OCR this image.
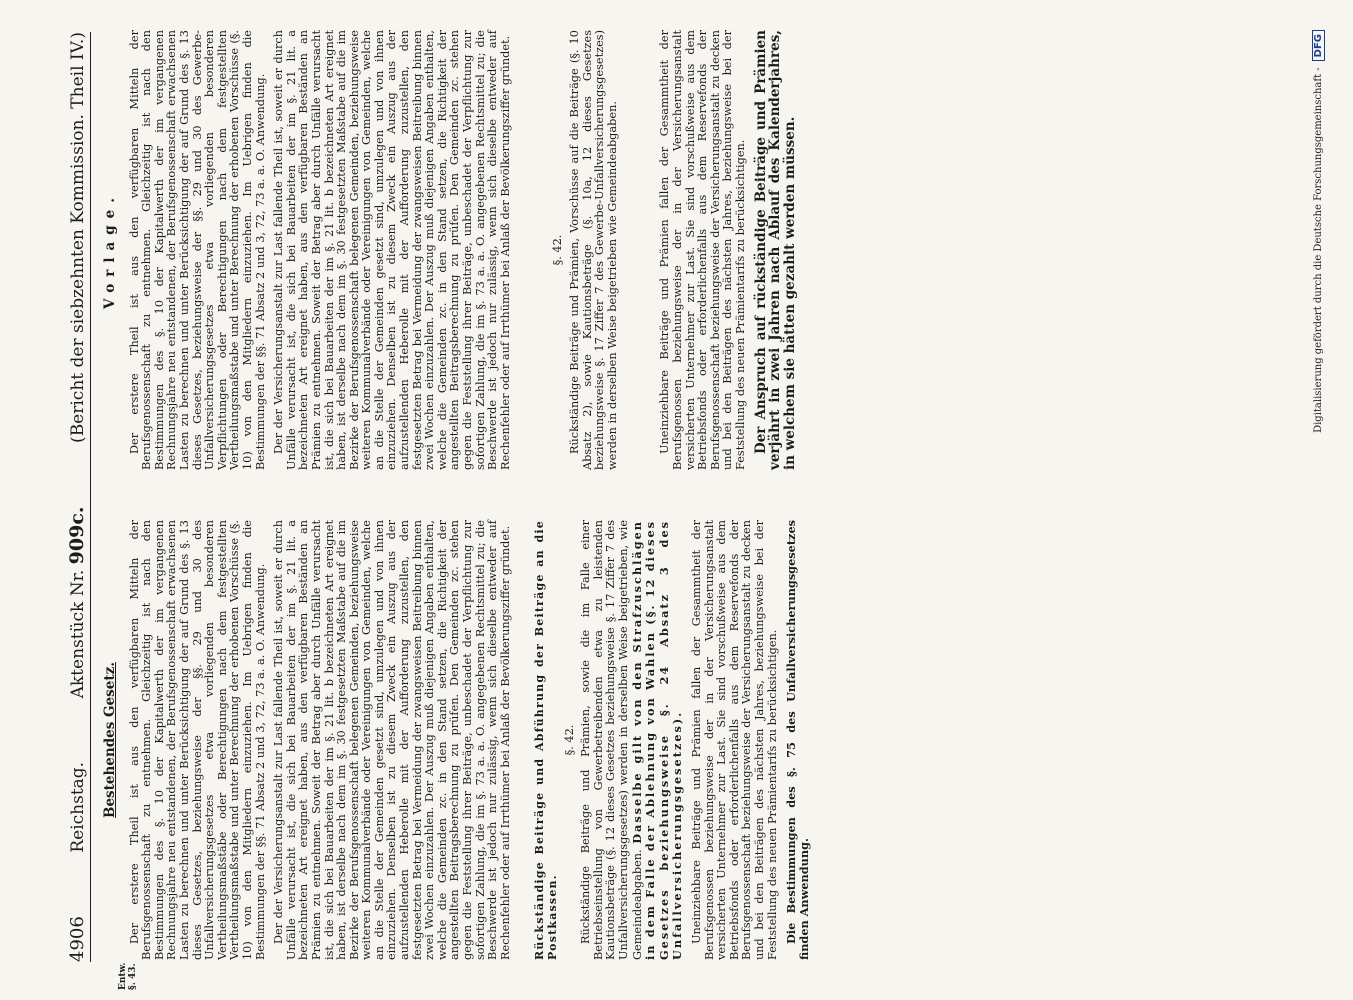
4906
Reichstag.
Aktenstück Nr. 909c.
(Bericht der siebzehnten Kommission. Theil IV.)
Entw. §. 43.
Bestehendes Gesetz. Der erstere Theil ist aus den verfügbaren Mitteln der Berufsgenossenschaft zu entnehmen. Gleichzeitig ist nach den Bestimmungen des §. 10 der Kapitalwerth der im vergangenen Rechnungsjahre neu entstandenen, der Berufsgenossenschaft erwachsenen Lasten zu berechnen und unter Berücksichtigung der auf Grund des §. 13 dieses Gesetzes, beziehungsweise der §§. 29 und 30 des Unfallversicherungsgesetzes etwa vorliegenden besonderen Vertheilungsmaßstäbe oder Berechtigungen nach dem festgestellten Vertheilungsmaßstabe und unter Berechnung der erhobenen Vorschüsse (§. 10) von den Mitgliedern einzuziehen. Im Uebrigen finden die Bestimmungen der §§. 71 Absatz 2 und 3, 72, 73 a. a. O. Anwendung. Der der Versicherungsanstalt zur Last fallende Theil ist, soweit er durch Unfälle verursacht ist, die sich bei Bauarbeiten der im §. 21 lit. a bezeichneten Art ereignet haben, aus den verfügbaren Beständen an Prämien zu entnehmen. Soweit der Betrag aber durch Unfälle verursacht ist, die sich bei Bauarbeiten der im §. 21 lit. b bezeichneten Art ereignet haben, ist derselbe nach dem im §. 30 festgesetzten Maßstabe auf die im Bezirke der Berufsgenossenschaft belegenen Gemeinden, beziehungsweise weiteren Kommunalverbände oder Vereinigungen von Gemeinden, welche an die Stelle der Gemeinden gesetzt sind, umzulegen und von ihnen einzuziehen. Denselben ist zu diesem Zweck ein Auszug aus der aufzustellenden Heberolle mit der Aufforderung zuzustellen, den festgesetzten Betrag bei Vermeidung der zwangsweisen Beitreibung binnen zwei Wochen einzuzahlen. Der Auszug muß diejenigen Angaben enthalten, welche die Gemeinden zc. in den Stand setzen, die Richtigkeit der angestellten Beitragsberechnung zu prüfen. Den Gemeinden zc. stehen gegen die Feststellung ihrer Beiträge, unbeschadet der Verpflichtung zur sofortigen Zahlung, die im §. 73 a. a. O. angegebenen Rechtsmittel zu; die Beschwerde ist jedoch nur zulässig, wenn sich dieselbe entweder auf Rechenfehler oder auf Irrthümer bei Anlaß der Bevölkerungsziffer gründet. Rückständige Beiträge und Abführung der Beiträge an die Postkassen.
§. 42. Rückständige Beiträge und Prämien, sowie die im Falle einer Betriebseinstellung von Gewerbetreibenden etwa zu leistenden Kautionsbeträge (§. 12 dieses Gesetzes beziehungsweise §. 17 Ziffer 7 des Unfallversicherungsgesetzes) werden in derselben Weise beigetrieben, wie Gemeindeabgaben. Dasselbe gilt von den Strafzuschlägen in dem Falle der Ablehnung von Wahlen (§. 12 dieses Gesetzes beziehungsweise §. 24 Absatz 3 des Unfallversicherungsgesetzes). Uneinziehbare Beiträge und Prämien fallen der Gesammtheit der Berufsgenossen beziehungsweise der in der Versicherungsanstalt versicherten Unternehmer zur Last. Sie sind vorschußweise aus dem Betriebsfonds oder erforderlichenfalls aus dem Reservefonds der Berufsgenossenschaft beziehungsweise der Versicherungsanstalt zu decken und bei den Beiträgen des nächsten Jahres, beziehungsweise bei der Feststellung des neuen Prämientarifs zu berücksichtigen. Die Bestimmungen des §. 75 des Unfallversicherungsgesetzes finden Anwendung.

Vorlage. Der erstere Theil ist aus den verfügbaren Mitteln der Berufsgenossenschaft zu entnehmen. Gleichzeitig ist nach den Bestimmungen des §. 10 der Kapitalwerth der im vergangenen Rechnungsjahre neu entstandenen, der Berufsgenossenschaft erwachsenen Lasten zu berechnen und unter Berücksichtigung der auf Grund des §. 13 dieses Gesetzes, beziehungsweise der §§. 29 und 30 des Gewerbe-Unfallversicherungsgesetzes etwa vorliegenden besonderen Verpflichtungen oder Berechtigungen nach dem festgestellten Vertheilungsmaßstabe und unter Berechnung der erhobenen Vorschüsse (§. 10) von den Mitgliedern einzuziehen. Im Uebrigen finden die Bestimmungen der §§. 71 Absatz 2 und 3, 72, 73 a. a. O. Anwendung. Der der Versicherungsanstalt zur Last fallende Theil ist, soweit er durch Unfälle verursacht ist, die sich bei Bauarbeiten der im §. 21 lit. a bezeichneten Art ereignet haben, aus den verfügbaren Beständen an Prämien zu entnehmen. Soweit der Betrag aber durch Unfälle verursacht ist, die sich bei Bauarbeiten der im §. 21 lit. b bezeichneten Art ereignet haben, ist derselbe nach dem im §. 30 festgesetzten Maßstabe auf die im Bezirke der Berufsgenossenschaft belegenen Gemeinden, beziehungsweise weiteren Kommunalverbände oder Vereinigungen von Gemeinden, welche an die Stelle der Gemeinden gesetzt sind, umzulegen und von ihnen einzuziehen. Denselben ist zu diesem Zweck ein Auszug aus der aufzustellenden Heberolle mit der Aufforderung zuzustellen, den festgesetzten Betrag bei Vermeidung der zwangsweisen Beitreibung binnen zwei Wochen einzuzahlen. Der Auszug muß diejenigen Angaben enthalten, welche die Gemeinden zc. in den Stand setzen, die Richtigkeit der angestellten Beitragsberechnung zu prüfen. Den Gemeinden zc. stehen gegen die Feststellung ihrer Beiträge, unbeschadet der Verpflichtung zur sofortigen Zahlung, die im §. 73 a. a. O. angegebenen Rechtsmittel zu; die Beschwerde ist jedoch nur zulässig, wenn sich dieselbe entweder auf Rechenfehler oder auf Irrthümer bei Anlaß der Bevölkerungsziffer gründet.	§. 42. Rückständige Beiträge und Prämien, Vorschüsse auf die Beiträge (§. 10 Absatz 2), sowie Kautionsbeträge (§. 10a, 12 dieses Gesetzes beziehungsweise §. 17 Ziffer 7 des Gewerbe-Unfallversicherungsgesetzes) werden in derselben Weise beigetrieben wie Gemeindeabgaben.	Uneinziehbare Beiträge und Prämien fallen der Gesammtheit der Berufsgenossen beziehungsweise der in der Versicherungsanstalt versicherten Unternehmer zur Last. Sie sind vorschußweise aus dem Betriebsfonds oder erforderlichenfalls aus dem Reservefonds der Berufsgenossenschaft beziehungsweise der Versicherungsanstalt zu decken und bei den Beiträgen des nächsten Jahres, beziehungsweise bei der Feststellung des neuen Prämientarifs zu berücksichtigen. Der Anspruch auf rückständige Beiträge und Prämien verjährt in zwei Jahren nach Ablauf des Kalenderjahres, in welchem sie hätten gezahlt werden müssen.	Digitalisierung gefördert durch die Deutsche Forschungsgemeinschaft -DFG
